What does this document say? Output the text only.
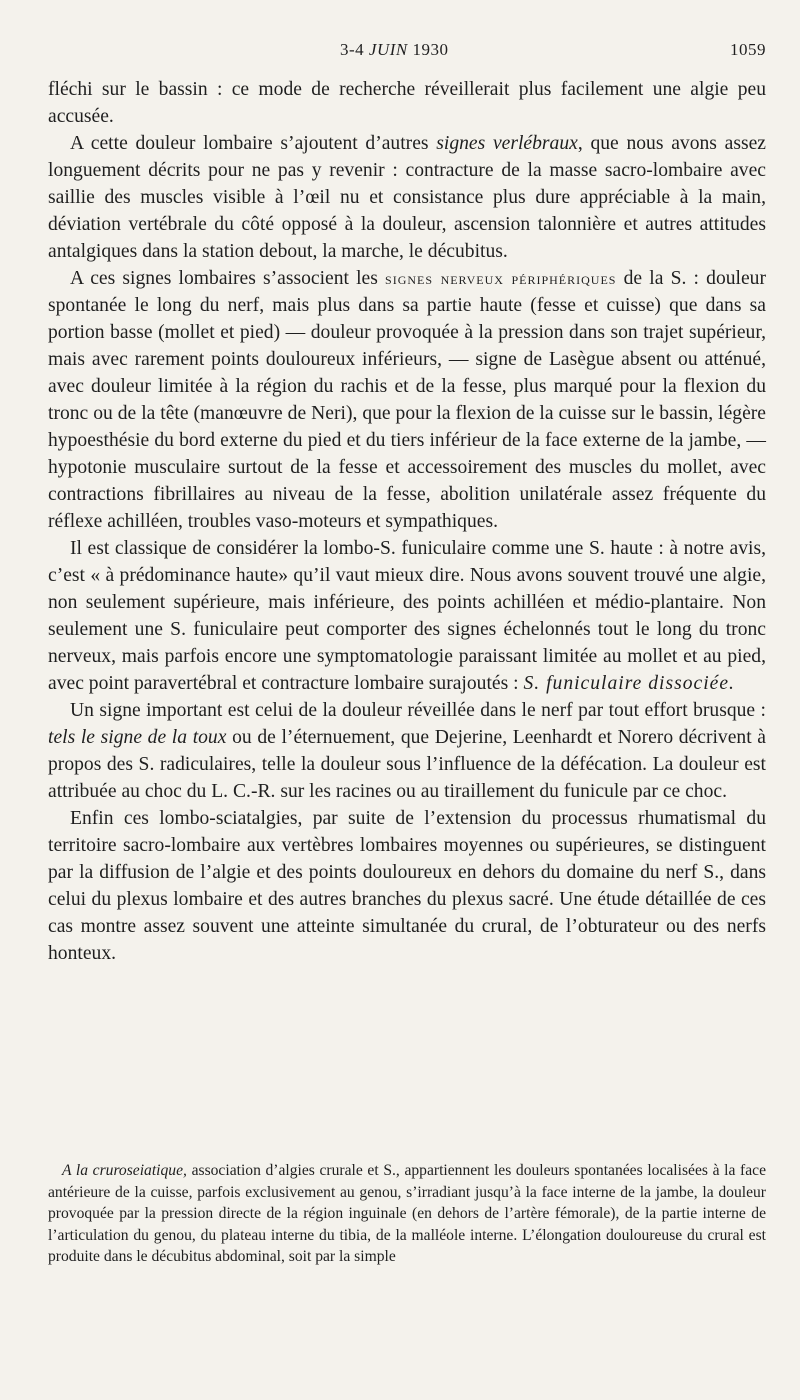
3-4 JUIN 1930	1059

fléchi sur le bassin : ce mode de recherche réveillerait plus facilement une algie peu accusée.

A cette douleur lombaire s’ajoutent d’autres signes verlébraux, que nous avons assez longuement décrits pour ne pas y revenir : contracture de la masse sacro-lombaire avec saillie des muscles visible à l’œil nu et consistance plus dure appréciable à la main, déviation vertébrale du côté opposé à la douleur, ascension talonnière et autres attitudes antalgiques dans la station debout, la marche, le décubitus.

A ces signes lombaires s’associent les signes nerveux périphériques de la S. : douleur spontanée le long du nerf, mais plus dans sa partie haute (fesse et cuisse) que dans sa portion basse (mollet et pied) — douleur provoquée à la pression dans son trajet supérieur, mais avec rarement points douloureux inférieurs, — signe de Lasègue absent ou atténué, avec douleur limitée à la région du rachis et de la fesse, plus marqué pour la flexion du tronc ou de la tête (manœuvre de Neri), que pour la flexion de la cuisse sur le bassin, légère hypoesthésie du bord externe du pied et du tiers inférieur de la face externe de la jambe, — hypotonie musculaire surtout de la fesse et accessoirement des muscles du mollet, avec contractions fibrillaires au niveau de la fesse, abolition unilatérale assez fréquente du réflexe achilléen, troubles vaso-moteurs et sympathiques.

Il est classique de considérer la lombo-S. funiculaire comme une S. haute : à notre avis, c’est « à prédominance haute» qu’il vaut mieux dire. Nous avons souvent trouvé une algie, non seulement supérieure, mais inférieure, des points achilléen et médio-plantaire. Non seulement une S. funiculaire peut comporter des signes échelonnés tout le long du tronc nerveux, mais parfois encore une symptomatologie paraissant limitée au mollet et au pied, avec point paravertébral et contracture lombaire surajoutés : S. funiculaire dissociée.

Un signe important est celui de la douleur réveillée dans le nerf par tout effort brusque : tels le signe de la toux ou de l’éternuement, que Dejerine, Leenhardt et Norero décrivent à propos des S. radiculaires, telle la douleur sous l’influence de la défécation. La douleur est attribuée au choc du L. C.-R. sur les racines ou au tiraillement du funicule par ce choc.

Enfin ces lombo-sciatalgies, par suite de l’extension du processus rhumatismal du territoire sacro-lombaire aux vertèbres lombaires moyennes ou supérieures, se distinguent par la diffusion de l’algie et des points douloureux en dehors du domaine du nerf S., dans celui du plexus lombaire et des autres branches du plexus sacré. Une étude détaillée de ces cas montre assez souvent une atteinte simultanée du crural, de l’obturateur ou des nerfs honteux.

A la cruroseiatique, association d’algies crurale et S., appartiennent les douleurs spontanées localisées à la face antérieure de la cuisse, parfois exclusivement au genou, s’irradiant jusqu’à la face interne de la jambe, la douleur provoquée par la pression directe de la région inguinale (en dehors de l’artère fémorale), de la partie interne de l’articulation du genou, du plateau interne du tibia, de la malléole interne. L’élongation douloureuse du crural est produite dans le décubitus abdominal, soit par la simple
